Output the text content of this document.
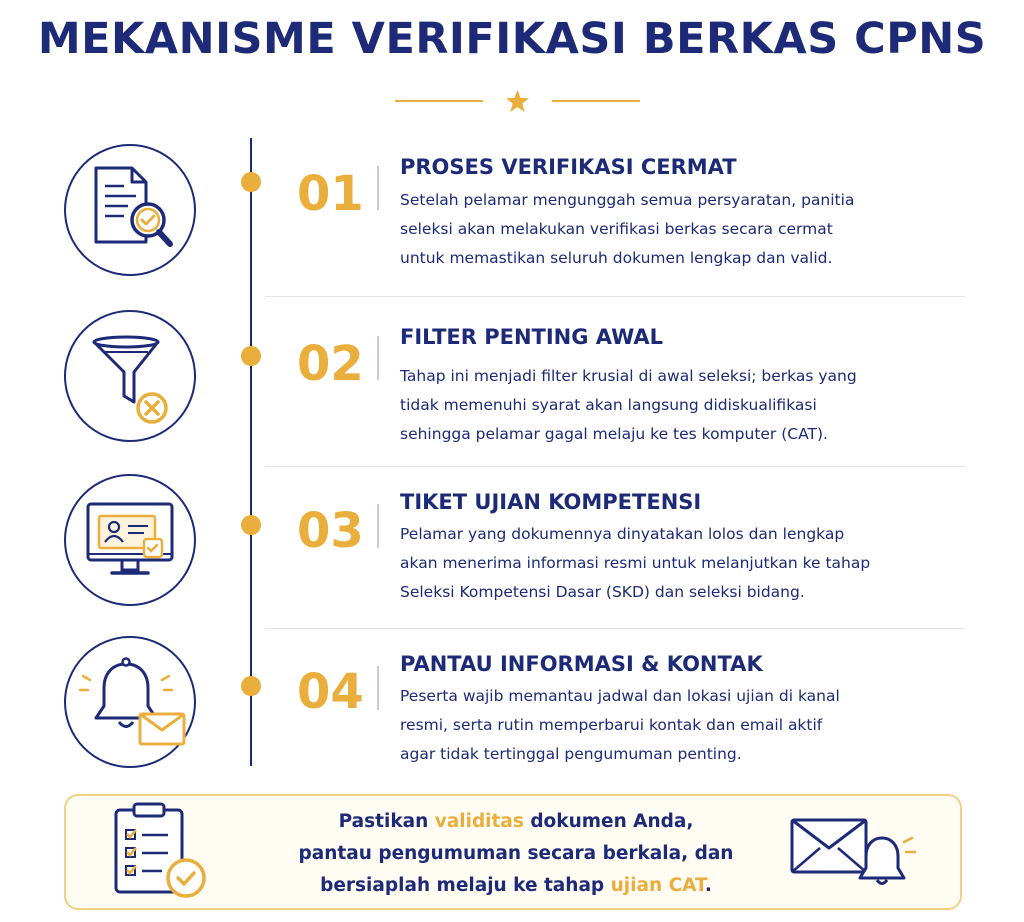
MEKANISME VERIFIKASI BERKAS CPNS
01 PROSES VERIFIKASI CERMAT
Setelah pelamar mengunggah semua persyaratan, panitia
seleksi akan melakukan verifikasi berkas secara cermat
untuk memastikan seluruh dokumen lengkap dan valid.
02 FILTER PENTING AWAL
Tahap ini menjadi filter krusial di awal seleksi; berkas yang
tidak memenuhi syarat akan langsung didiskualifikasi
sehingga pelamar gagal melaju ke tes komputer (CAT).
03
TIKET UJIAN KOMPETENSI
Pelamar yang dokumennya dinyatakan lolos dan lengkap
akan menerima informasi resmi untuk melanjutkan ke tahap
Seleksi Kompetensi Dasar (SKD) dan seleksi bidang.
04 PANTAU INFORMASI & KONTAK
Peserta wajib memantau jadwal dan lokasi ujian di kanal
resmi, serta rutin memperbarui kontak dan email aktif
agar tidak tertinggal pengumuman penting.
Pastikan validitas dokumen Anda,
pantau pengumuman secara berkala, dan
bersiaplah melaju ke tahap ujian CAT.
